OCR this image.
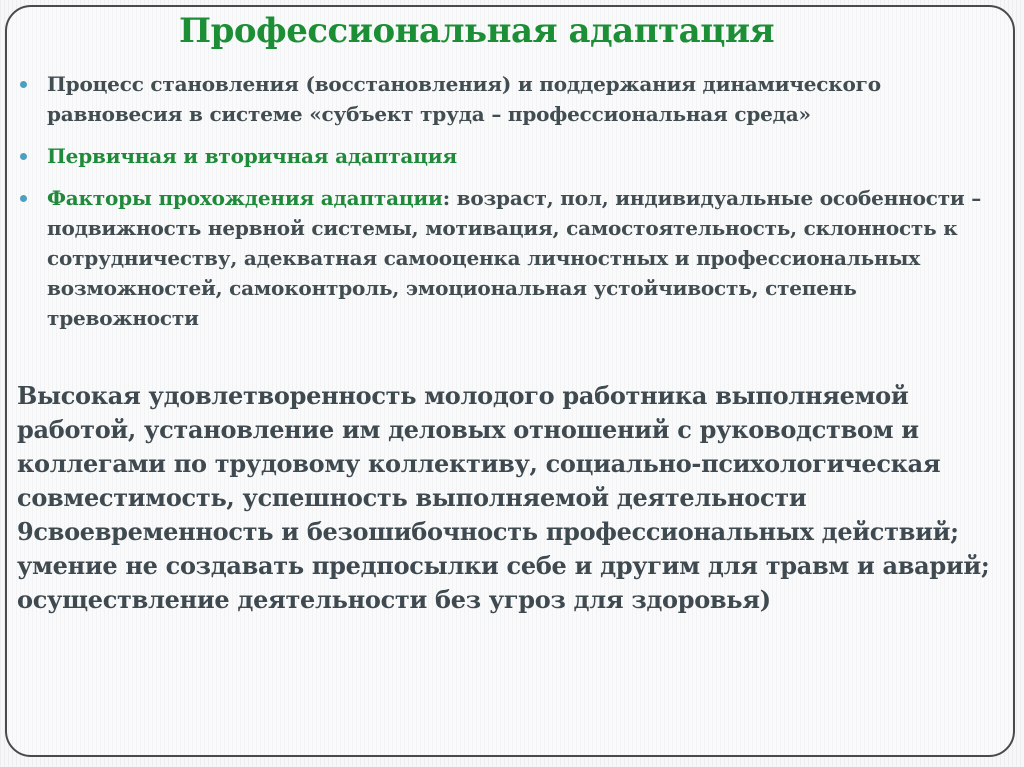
Профессиональная адаптация
Процесс становления (восстановления) и поддержания динамического равновесия в системе «субъект труда – профессиональная среда»
Первичная и вторичная адаптация
Факторы прохождения адаптации: возраст, пол, индивидуальные особенности – подвижность нервной системы, мотивация, самостоятельность, склонность к сотрудничеству, адекватная самооценка личностных и профессиональных возможностей, самоконтроль, эмоциональная устойчивость, степень тревожности

Высокая удовлетворенность молодого работника выполняемой работой, установление им деловых отношений с руководством и коллегами по трудовому коллективу, социально-психологическая совместимость, успешность выполняемой деятельности 9своевременность и безошибочность профессиональных действий; умение не создавать предпосылки себе и другим для травм и аварий; осуществление деятельности без угроз для здоровья)
